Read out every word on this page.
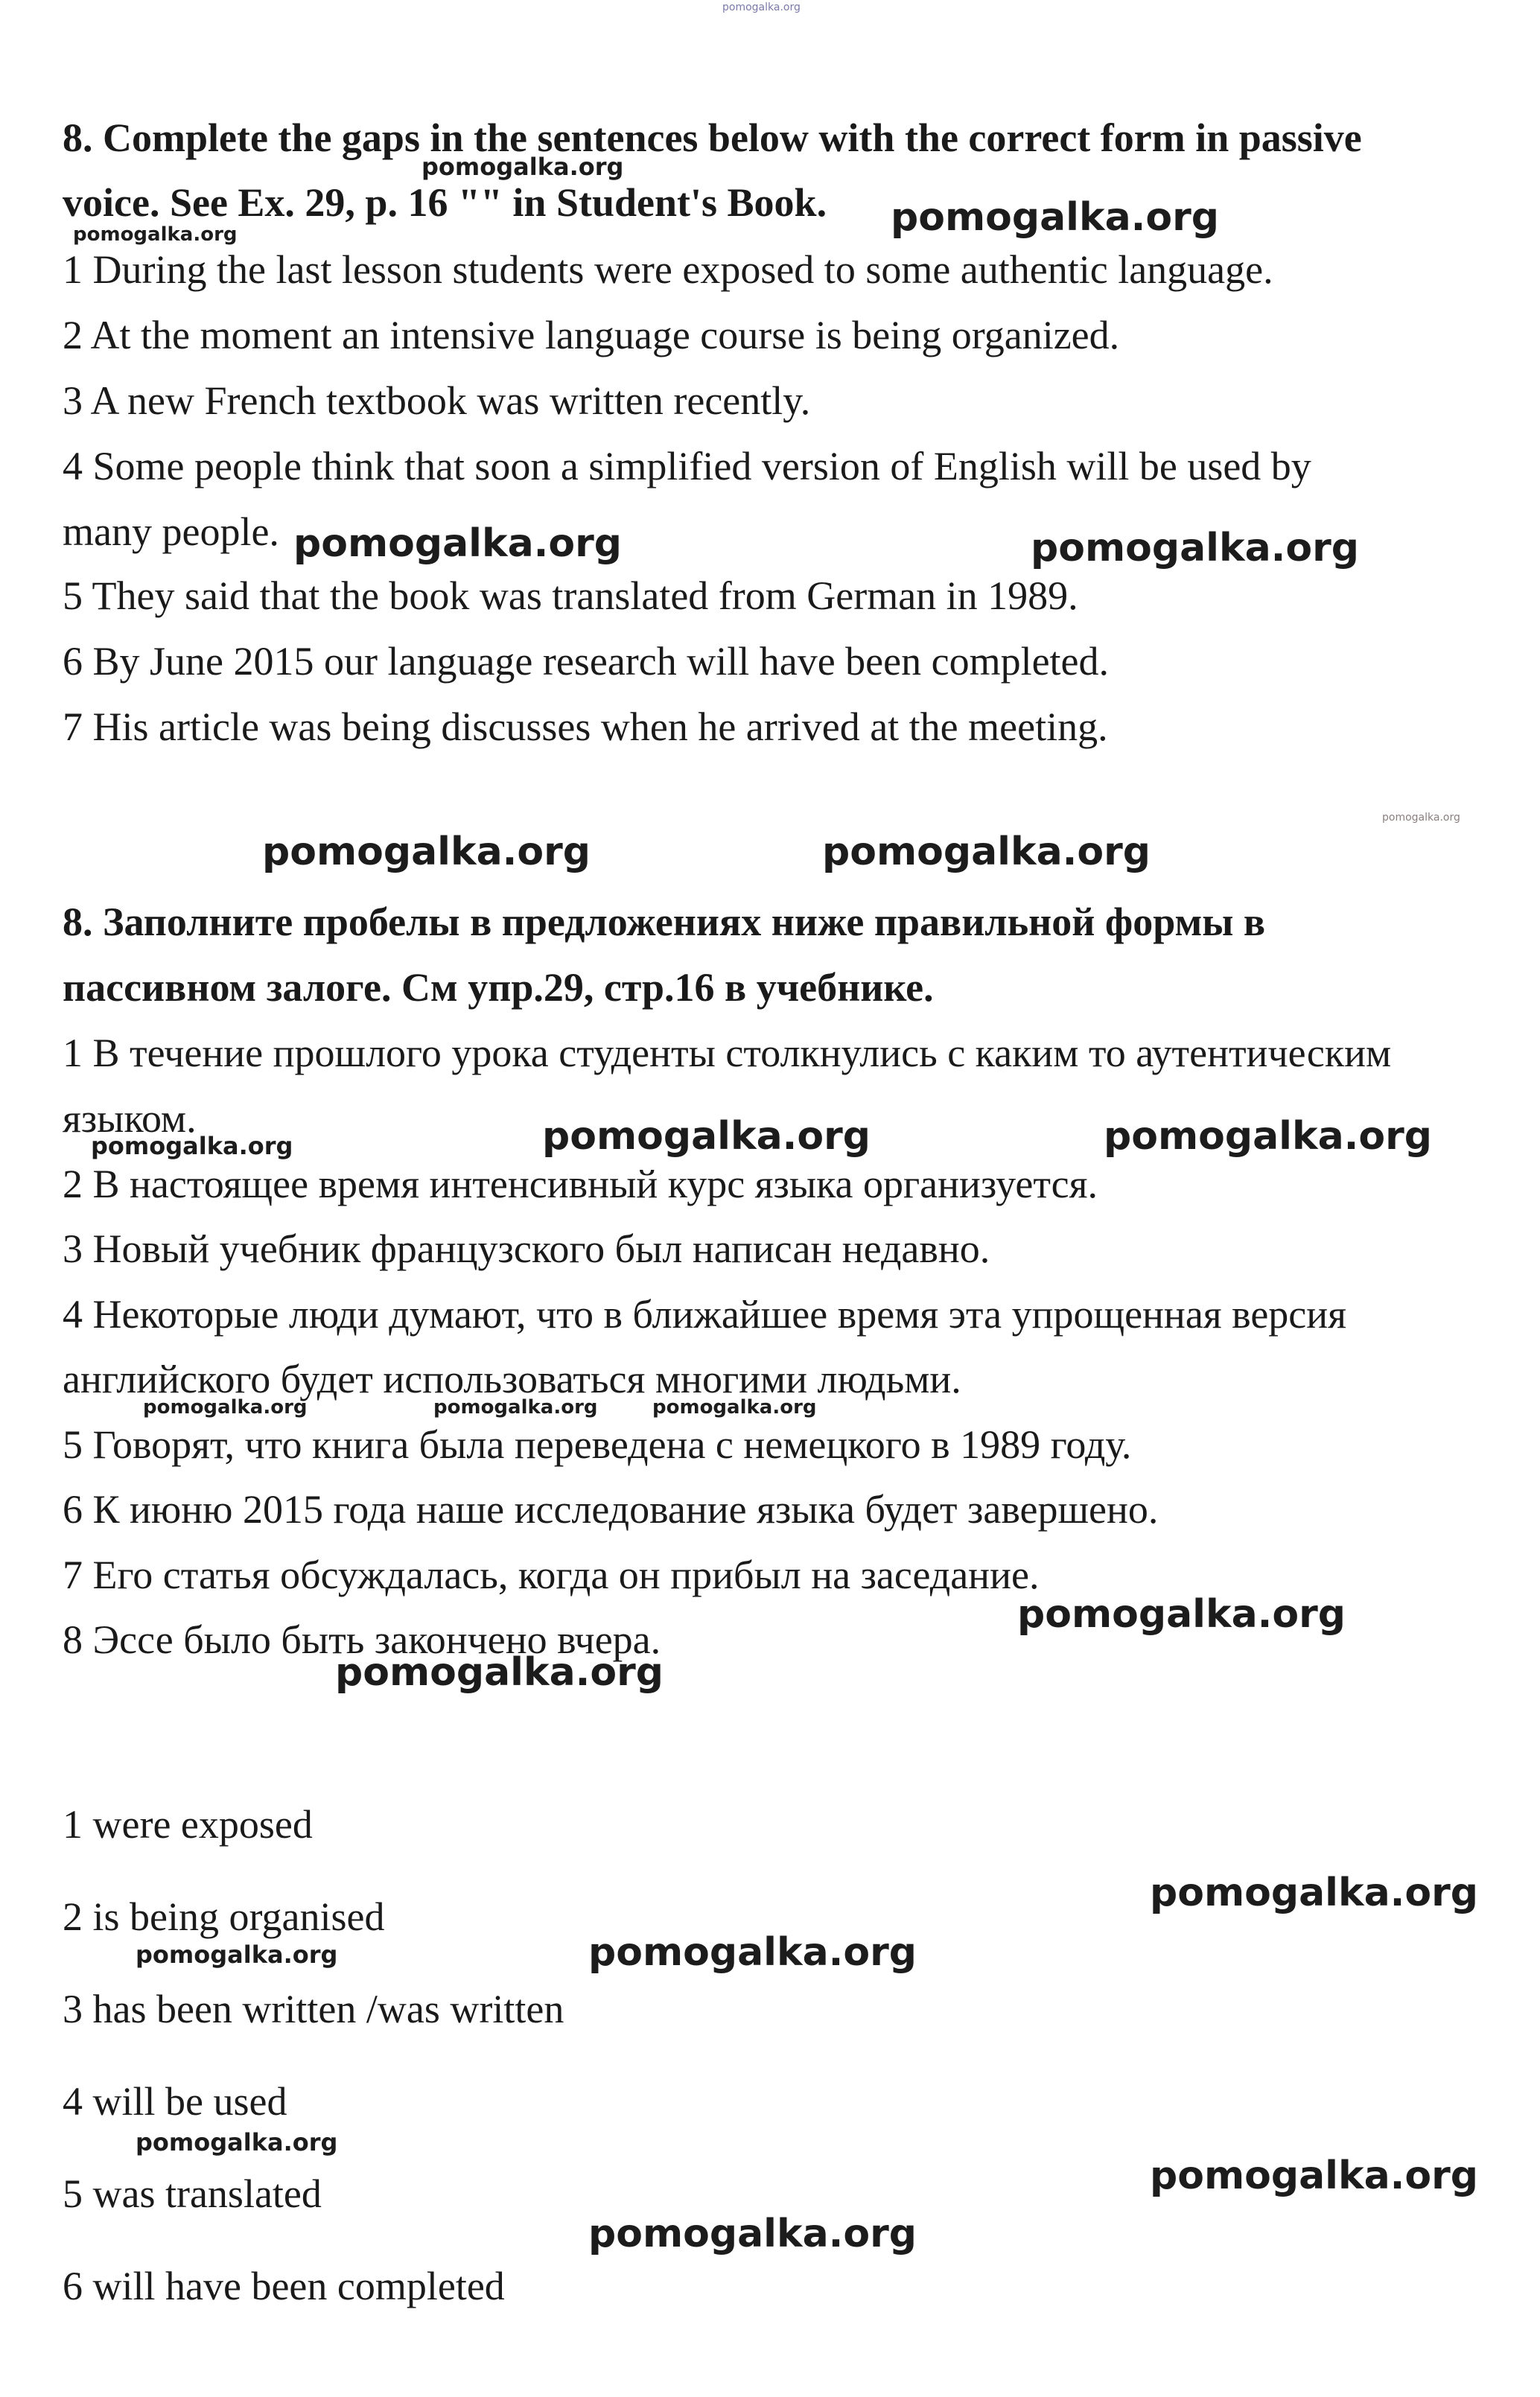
8. Complete the gaps in the sentences below with the correct form in passive
voice. See Ex. 29, p. 16 "" in Student's Book.
1 During the last lesson students were exposed to some authentic language.
2 At the moment an intensive language course is being organized.
3 A new French textbook was written recently.
4 Some people think that soon a simplified version of English will be used by
many people.
5 They said that the book was translated from German in 1989.
6 By June 2015 our language research will have been completed.
7 His article was being discusses when he arrived at the meeting.
8. Заполните пробелы в предложениях ниже правильной формы в
пассивном залоге. См упр.29, стр.16 в учебнике.
1 В течение прошлого урока студенты столкнулись с каким то аутентическим
языком.
2 В настоящее время интенсивный курс языка организуется.
3 Новый учебник французского был написан недавно.
4 Некоторые люди думают, что в ближайшее время эта упрощенная версия
английского будет использоваться многими людьми.
5 Говорят, что книга была переведена с немецкого в 1989 году.
6 К июню 2015 года наше исследование языка будет завершено.
7 Его статья обсуждалась, когда он прибыл на заседание.
8 Эссе было быть закончено вчера.
1 were exposed
2 is being organised
3 has been written /was written
4 will be used
5 was translated
6 will have been completed
pomogalka.org
pomogalka.org
pomogalka.org	pomogalka.org
pomogalka.org	pomogalka.org
pomogalka.org
pomogalka.org	pomogalka.org
pomogalka.org	pomogalka.org	pomogalka.org
pomogalka.org	pomogalka.org	pomogalka.org
pomogalka.org
pomogalka.org
pomogalka.org
pomogalka.org	pomogalka.org
pomogalka.org
pomogalka.org
pomogalka.org
